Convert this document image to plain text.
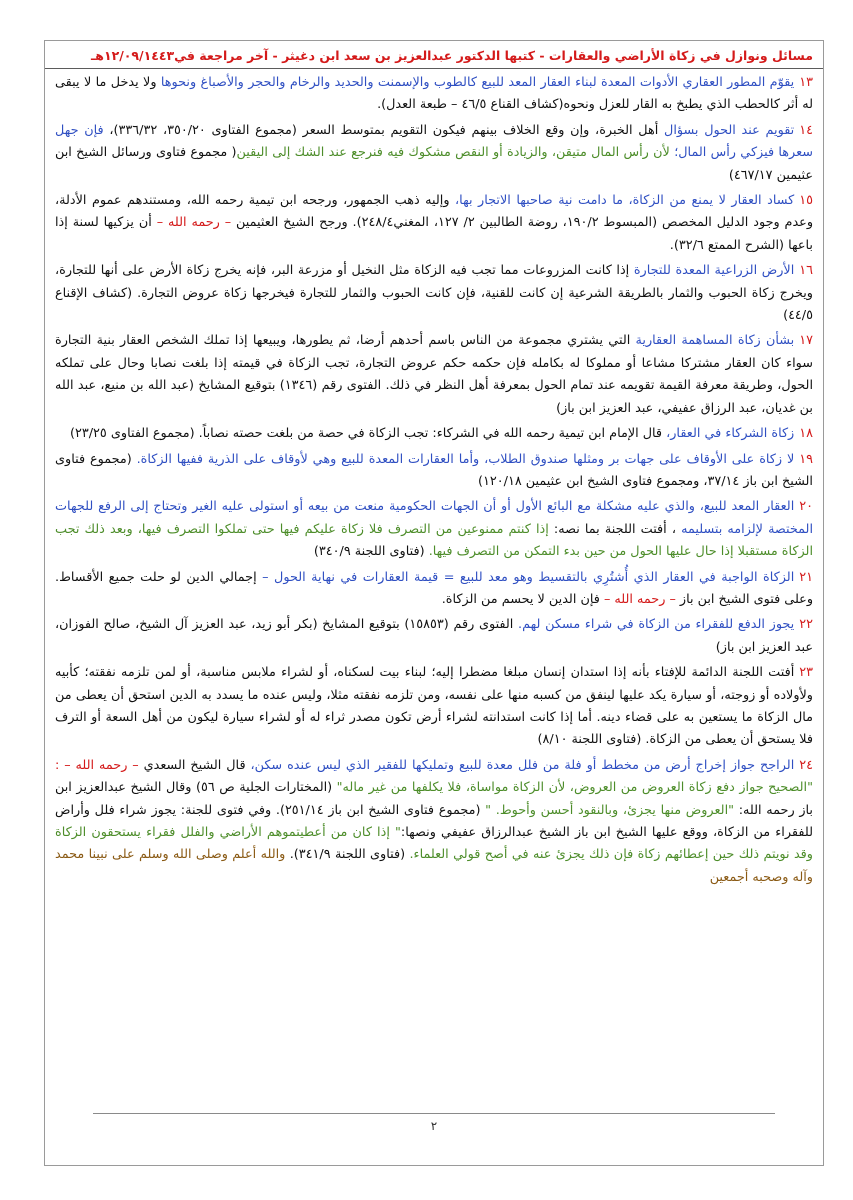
مسائل ونوازل في زكاة الأراضي والعقارات - كتبها الدكتور عبدالعزيز بن سعد ابن دغيثر - آخر مراجعة في١٢/٠٩/١٤٤٣هـ

١٣يقوّم المطور العقاري الأدوات المعدة لبناء العقار المعد للبيع كالطوب والإسمنت والحديد والرخام والحجر والأصباغ ونحوها ولا يدخل ما لا يبقى له أثر كالحطب الذي يطبخ به القار للعزل ونحوه(كشاف القناع ٤٦/٥ – طبعة العدل).

١٤تقويم عند الحول بسؤال أهل الخبرة، وإن وقع الخلاف بينهم فيكون التقويم بمتوسط السعر (مجموع الفتاوى ٣٥٠/٢٠، ٣٣٦/٣٢)، فإن جهل سعرها فيزكي رأس المال؛ لأن رأس المال متيقن، والزيادة أو النقص مشكوك فيه فنرجع عند الشك إلى اليقين( مجموع فتاوى ورسائل الشيخ ابن عثيمين ٤٦٧/١٧)

١٥كساد العقار لا يمنع من الزكاة، ما دامت نية صاحبها الاتجار بها، وإليه ذهب الجمهور، ورجحه ابن تيمية رحمه الله، ومستندهم عموم الأدلة، وعدم وجود الدليل المخصص (المبسوط ١٩٠/٢، روضة الطالبين ٢/ ١٢٧، المغني٢٤٨/٤). ورجح الشيخ العثيمين – رحمه الله – أن يزكيها لسنة إذا باعها (الشرح الممتع ٣٢/٦).

١٦الأرض الزراعية المعدة للتجارة إذا كانت المزروعات مما تجب فيه الزكاة مثل النخيل أو مزرعة البر، فإنه يخرج زكاة الأرض على أنها للتجارة، ويخرج زكاة الحبوب والثمار بالطريقة الشرعية إن كانت للقنية، فإن كانت الحبوب والثمار للتجارة فيخرجها زكاة عروض التجارة. (كشاف الإقناع ٤٤/٥)

١٧بشأن زكاة المساهمة العقارية التي يشتري مجموعة من الناس باسم أحدهم أرضا، ثم يطورها، ويبيعها إذا تملك الشخص العقار بنية التجارة سواء كان العقار مشتركا مشاعا أو مملوكا له بكامله فإن حكمه حكم عروض التجارة، تجب الزكاة في قيمته إذا بلغت نصابا وحال على تملكه الحول، وطريقة معرفة القيمة تقويمه عند تمام الحول بمعرفة أهل النظر في ذلك. الفتوى رقم (١٣٤٦) بتوقيع المشايخ (عبد الله بن منيع، عبد الله بن غديان، عبد الرزاق عفيفي، عبد العزيز ابن باز)

١٨زكاة الشركاء في العقار، قال الإمام ابن تيمية رحمه الله في الشركاء: تجب الزكاة في حصة من بلغت حصته نصاباً. (مجموع الفتاوى ٢٣/٢٥)

١٩لا زكاة على الأوقاف على جهات بر ومثلها صندوق الطلاب، وأما العقارات المعدة للبيع وهي لأوقاف على الذرية ففيها الزكاة. (مجموع فتاوى الشيخ ابن باز ٣٧/١٤، ومجموع فتاوى الشيخ ابن عثيمين ١٢٠/١٨)

٢٠العقار المعد للبيع، والذي عليه مشكلة مع البائع الأول أو أن الجهات الحكومية منعت من بيعه أو استولى عليه الغير وتحتاج إلى الرفع للجهات المختصة لإلزامه بتسليمه ، أفتت اللجنة بما نصه: إذا كنتم ممنوعين من التصرف فلا زكاة عليكم فيها حتى تملكوا التصرف فيها، وبعد ذلك تجب الزكاة مستقبلا إذا حال عليها الحول من حين بدء التمكن من التصرف فيها. (فتاوى اللجنة ٣٤٠/٩)

٢١الزكاة الواجبة في العقار الذي أُشتُرِي بالتقسيط وهو معد للبيع = قيمة العقارات في نهاية الحول – إجمالي الدين لو حلت جميع الأقساط. وعلى فتوى الشيخ ابن باز – رحمه الله – فإن الدين لا يحسم من الزكاة.

٢٢يجوز الدفع للفقراء من الزكاة في شراء مسكن لهم. الفتوى رقم (١٥٨٥٣) بتوقيع المشايخ (بكر أبو زيد، عبد العزيز آل الشيخ، صالح الفوزان، عبد العزيز ابن باز)

٢٣أفتت اللجنة الدائمة للإفتاء بأنه إذا استدان إنسان مبلغا مضطرا إليه؛ لبناء بيت لسكناه، أو لشراء ملابس مناسبة، أو لمن تلزمه نفقته؛ كأبيه ولأولاده أو زوجته، أو سيارة يكد عليها لينفق من كسبه منها على نفسه، ومن تلزمه نفقته مثلا، وليس عنده ما يسدد به الدين استحق أن يعطى من مال الزكاة ما يستعين به على قضاء دينه. أما إذا كانت استدانته لشراء أرض تكون مصدر ثراء له أو لشراء سيارة ليكون من أهل السعة أو الترف فلا يستحق أن يعطى من الزكاة. (فتاوى اللجنة ٨/١٠)

٢٤الراجح جواز إخراج أرض من مخطط أو فلة من فلل معدة للبيع وتمليكها للفقير الذي ليس عنده سكن، قال الشيخ السعدي – رحمه الله – : "الصحيح جواز دفع زكاة العروض من العروض، لأن الزكاة مواساة، فلا يكلفها من غير ماله" (المختارات الجلية ص ٥٦) وقال الشيخ عبدالعزيز ابن باز رحمه الله: "العروض منها يجزئ، وبالنقود أحسن وأحوط. " (مجموع فتاوى الشيخ ابن باز ٢٥١/١٤). وفي فتوى للجنة: يجوز شراء فلل وأراض للفقراء من الزكاة، ووقع عليها الشيخ ابن باز الشيخ عبدالرزاق عفيفي ونصها:" إذا كان من أعطيتموهم الأراضي والفلل فقراء يستحقون الزكاة وقد نويتم ذلك حين إعطائهم زكاة فإن ذلك يجزئ عنه في أصح قولي العلماء. (فتاوى اللجنة ٣٤١/٩). والله أعلم وصلى الله وسلم على نبينا محمد وآله وصحبه أجمعين

٢
